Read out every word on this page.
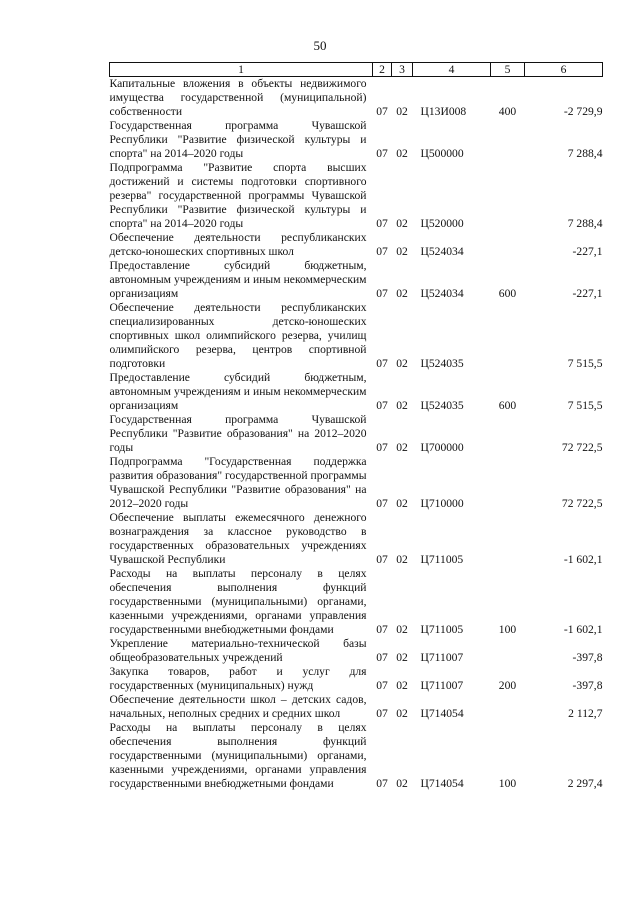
50
1	2	3	4	5	6
Капитальные вложения в объекты недвижимого имущества государственной (муниципальной) собственности	07	02	Ц13И008	400	-2 729,9
Государственная программа Чувашской Республики "Развитие физической культуры и спорта" на 2014–2020 годы	07	02	Ц500000		7 288,4
Подпрограмма "Развитие спорта высших достижений и системы подготовки спортивного резерва" государственной программы Чувашской Республики "Развитие физической культуры и спорта" на 2014–2020 годы	07	02	Ц520000		7 288,4
Обеспечение деятельности республиканских детско-юношеских спортивных школ	07	02	Ц524034		-227,1
Предоставление субсидий бюджетным, автономным учреждениям и иным некоммерческим организациям	07	02	Ц524034	600	-227,1
Обеспечение деятельности республиканских специализированных детско-юношеских спортивных школ олимпийского резерва, училищ олимпийского резерва, центров спортивной подготовки	07	02	Ц524035		7 515,5
Предоставление субсидий бюджетным, автономным учреждениям и иным некоммерческим организациям	07	02	Ц524035	600	7 515,5
Государственная программа Чувашской Республики "Развитие образования" на 2012–2020 годы	07	02	Ц700000		72 722,5
Подпрограмма "Государственная поддержка развития образования" государственной программы Чувашской Республики "Развитие образования" на 2012–2020 годы	07	02	Ц710000		72 722,5
Обеспечение выплаты ежемесячного денежного вознаграждения за классное руководство в государственных образовательных учреждениях Чувашской Республики	07	02	Ц711005		-1 602,1
Расходы на выплаты персоналу в целях обеспечения выполнения функций государственными (муниципальными) органами, казенными учреждениями, органами управления государственными внебюджетными фондами	07	02	Ц711005	100	-1 602,1
Укрепление материально-технической базы общеобразовательных учреждений	07	02	Ц711007		-397,8
Закупка товаров, работ и услуг для государственных (муниципальных) нужд	07	02	Ц711007	200	-397,8
Обеспечение деятельности школ – детских садов, начальных, неполных средних и средних школ	07	02	Ц714054		2 112,7
Расходы на выплаты персоналу в целях обеспечения выполнения функций государственными (муниципальными) органами, казенными учреждениями, органами управления государственными внебюджетными фондами	07	02	Ц714054	100	2 297,4
